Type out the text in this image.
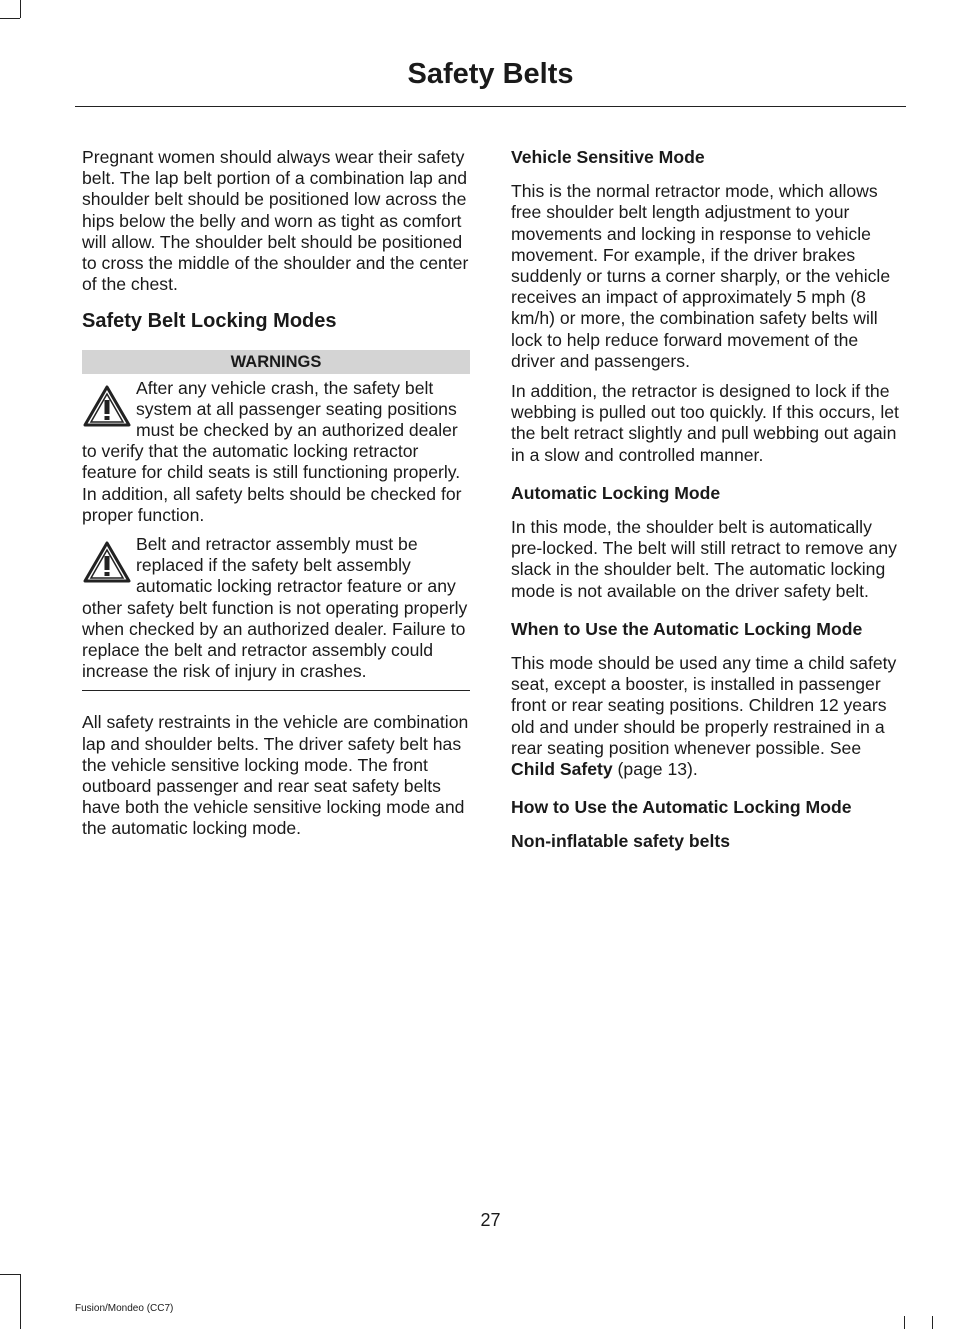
Safety Belts

Pregnant women should always wear their safety belt. The lap belt portion of a combination lap and shoulder belt should be positioned low across the hips below the belly and worn as tight as comfort will allow. The shoulder belt should be positioned to cross the middle of the shoulder and the center of the chest.

Safety Belt Locking Modes
WARNINGS
After any vehicle crash, the safety belt system at all passenger seating positions must be checked by an authorized dealer to verify that the automatic locking retractor feature for child seats is still functioning properly. In addition, all safety belts should be checked for proper function.
Belt and retractor assembly must be replaced if the safety belt assembly automatic locking retractor feature or any other safety belt function is not operating properly when checked by an authorized dealer. Failure to replace the belt and retractor assembly could increase the risk of injury in crashes.

All safety restraints in the vehicle are combination lap and shoulder belts. The driver safety belt has the vehicle sensitive locking mode. The front outboard passenger and rear seat safety belts have both the vehicle sensitive locking mode and the automatic locking mode.

Vehicle Sensitive Mode

This is the normal retractor mode, which allows free shoulder belt length adjustment to your movements and locking in response to vehicle movement. For example, if the driver brakes suddenly or turns a corner sharply, or the vehicle receives an impact of approximately 5 mph (8 km/h) or more, the combination safety belts will lock to help reduce forward movement of the driver and passengers.

In addition, the retractor is designed to lock if the webbing is pulled out too quickly. If this occurs, let the belt retract slightly and pull webbing out again in a slow and controlled manner.

Automatic Locking Mode

In this mode, the shoulder belt is automatically pre-locked. The belt will still retract to remove any slack in the shoulder belt. The automatic locking mode is not available on the driver safety belt.

When to Use the Automatic Locking Mode

This mode should be used any time a child safety seat, except a booster, is installed in passenger front or rear seating positions. Children 12 years old and under should be properly restrained in a rear seating position whenever possible. See Child Safety (page 13).

How to Use the Automatic Locking Mode
Non-inflatable safety belts
27
Fusion/Mondeo (CC7)
